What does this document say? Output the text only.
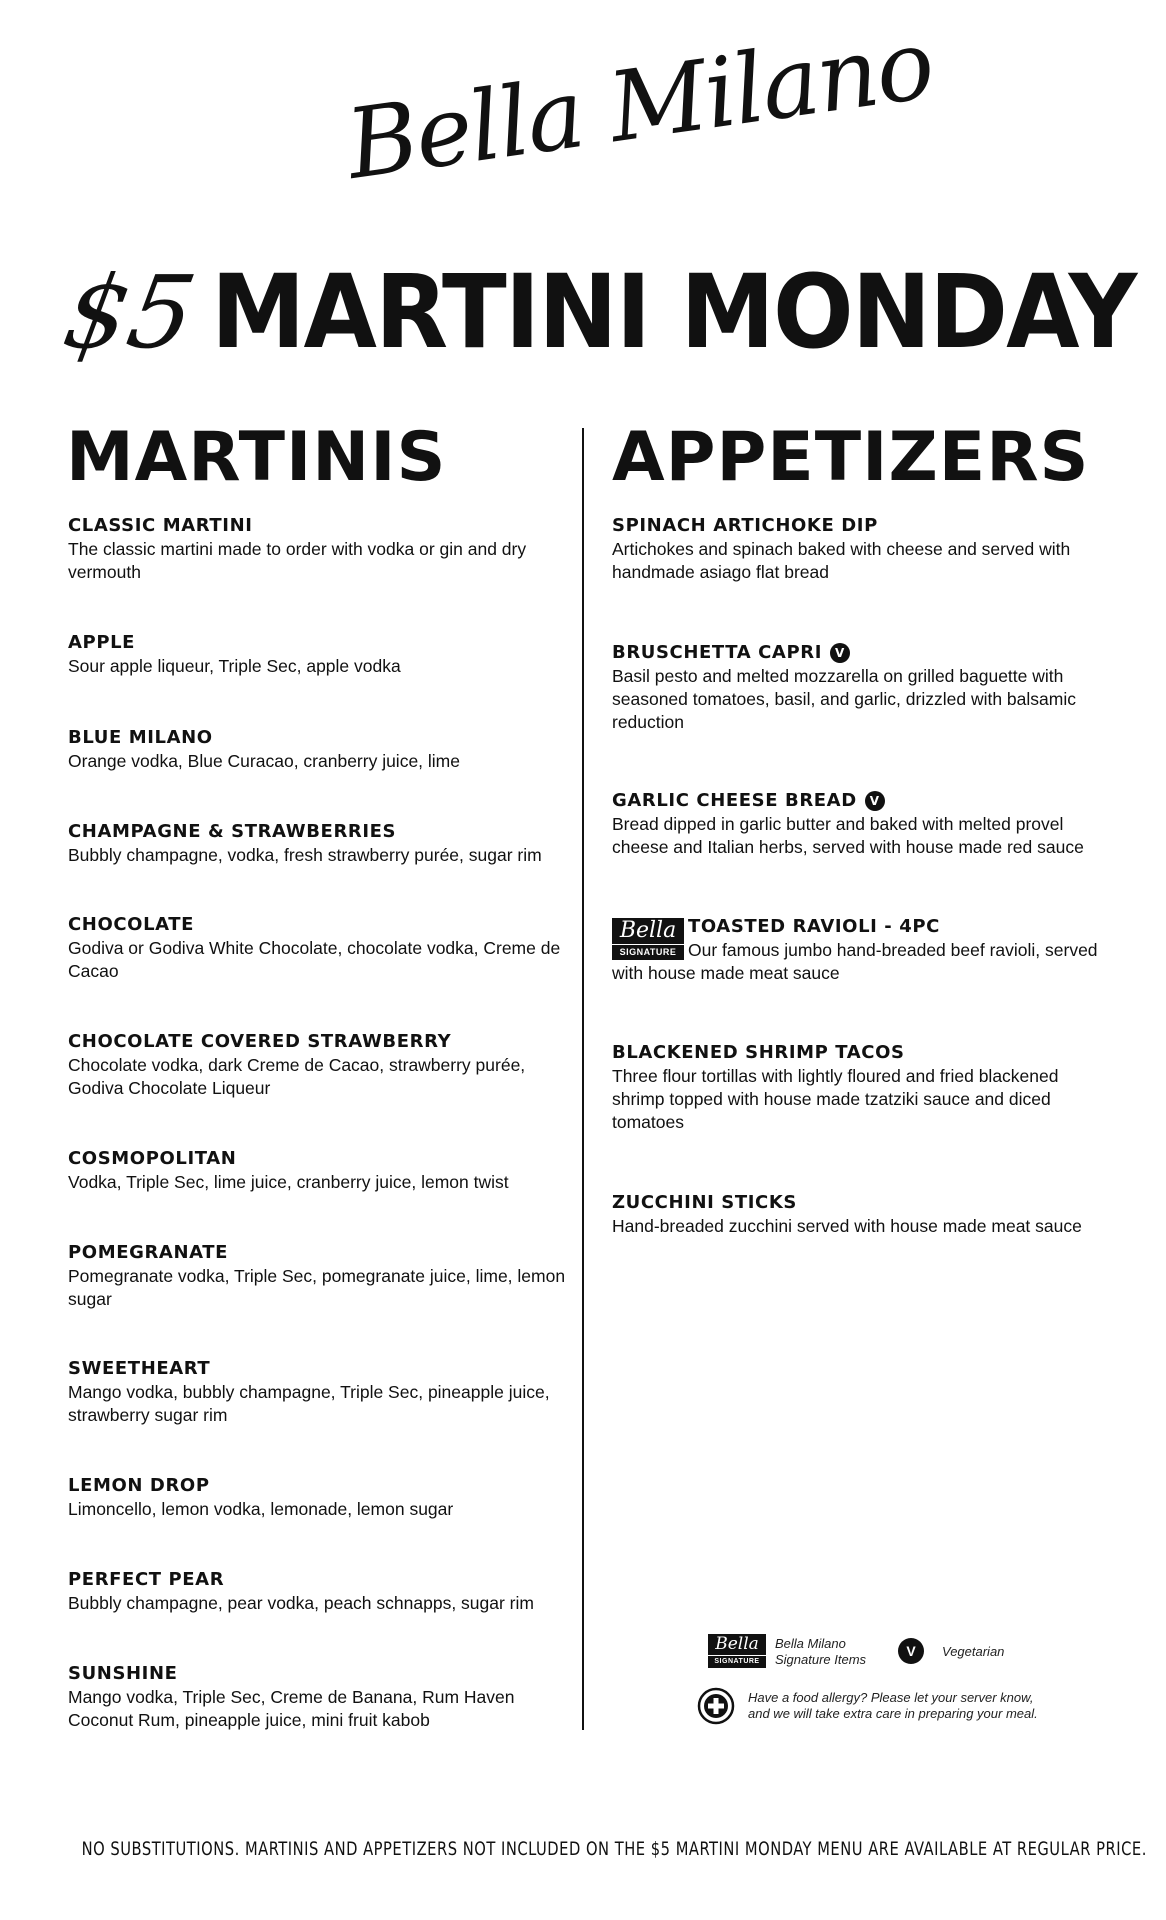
Bella Milano
$5 MARTINI MONDAY
MARTINIS APPETIZERS
CLASSIC MARTINI
The classic martini made to order with vodka or gin and dry vermouth
APPLE
Sour apple liqueur, Triple Sec, apple vodka
BLUE MILANO
Orange vodka, Blue Curacao, cranberry juice, lime
CHAMPAGNE & STRAWBERRIES
Bubbly champagne, vodka, fresh strawberry purée, sugar rim
CHOCOLATE
Godiva or Godiva White Chocolate, chocolate vodka, Creme de Cacao
CHOCOLATE COVERED STRAWBERRY
Chocolate vodka, dark Creme de Cacao, strawberry purée, Godiva Chocolate Liqueur
COSMOPOLITAN
Vodka, Triple Sec, lime juice, cranberry juice, lemon twist
POMEGRANATE
Pomegranate vodka, Triple Sec, pomegranate juice, lime, lemon sugar
SWEETHEART
Mango vodka, bubbly champagne, Triple Sec, pineapple juice, strawberry sugar rim
LEMON DROP
Limoncello, lemon vodka, lemonade, lemon sugar
PERFECT PEAR
Bubbly champagne, pear vodka, peach schnapps, sugar rim
SUNSHINE
Mango vodka, Triple Sec, Creme de Banana, Rum Haven Coconut Rum, pineapple juice, mini fruit kabob
SPINACH ARTICHOKE DIP
Artichokes and spinach baked with cheese and served with handmade asiago flat bread
BRUSCHETTA CAPRI	V
Basil pesto and melted mozzarella on grilled baguette with seasoned tomatoes, basil, and garlic, drizzled with balsamic reduction
GARLIC CHEESE BREAD	V
Bread dipped in garlic butter and baked with melted provel cheese and Italian herbs, served with house made red sauce
Bella
SIGNATURE
TOASTED RAVIOLI - 4PC
Our famous jumbo hand-breaded beef ravioli, served with house made meat sauce
BLACKENED SHRIMP TACOS
Three flour tortillas with lightly floured and fried blackened shrimp topped with house made tzatziki sauce and diced tomatoes
ZUCCHINI STICKS
Hand-breaded zucchini served with house made meat sauce
Bella
SIGNATURE
Bella Milano
Signature Items
V	Vegetarian
Have a food allergy? Please let your server know,
and we will take extra care in preparing your meal.
NO SUBSTITUTIONS. MARTINIS AND APPETIZERS NOT INCLUDED ON THE $5 MARTINI MONDAY MENU ARE AVAILABLE AT REGULAR PRICE.
